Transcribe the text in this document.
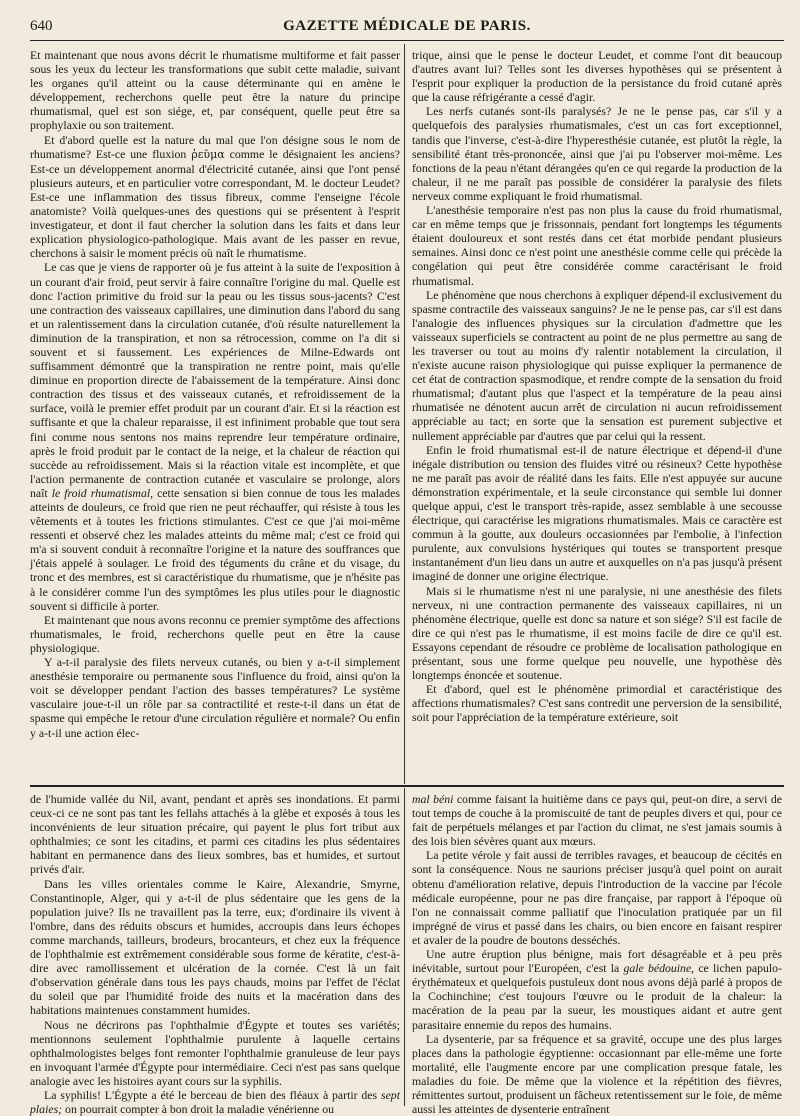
640	GAZETTE MÉDICALE DE PARIS.

Et maintenant que nous avons décrit le rhumatisme multiforme et fait passer sous les yeux du lecteur les transformations que subit cette maladie, suivant les organes qu'il atteint ou la cause déterminante qui en amène le développement, recherchons quelle peut être la nature du principe rhumatismal, quel est son siége, et, par conséquent, quelle peut être sa prophylaxie ou son traitement.

Et d'abord quelle est la nature du mal que l'on désigne sous le nom de rhumatisme? Est-ce une fluxion ῥεῦμα comme le désignaient les anciens? Est-ce un développement anormal d'électricité cutanée, ainsi que l'ont pensé plusieurs auteurs, et en particulier votre correspondant, M. le docteur Leudet? Est-ce une inflammation des tissus fibreux, comme l'enseigne l'école anatomiste? Voilà quelques-unes des questions qui se présentent à l'esprit investigateur, et dont il faut chercher la solution dans les faits et dans leur explication physiologico-pathologique. Mais avant de les passer en revue, cherchons à saisir le moment précis où naît le rhumatisme.

Le cas que je viens de rapporter où je fus atteint à la suite de l'exposition à un courant d'air froid, peut servir à faire connaître l'origine du mal. Quelle est donc l'action primitive du froid sur la peau ou les tissus sous-jacents? C'est une contraction des vaisseaux capillaires, une diminution dans l'abord du sang et un ralentissement dans la circulation cutanée, d'où résulte naturellement la diminution de la transpiration, et non sa rétrocession, comme on l'a dit si souvent et si faussement. Les expériences de Milne-Edwards ont suffisamment démontré que la transpiration ne rentre point, mais qu'elle diminue en proportion directe de l'abaissement de la température. Ainsi donc contraction des tissus et des vaisseaux cutanés, et refroidissement de la surface, voilà le premier effet produit par un courant d'air. Et si la réaction est suffisante et que la chaleur reparaisse, il est infiniment probable que tout sera fini comme nous sentons nos mains reprendre leur température ordinaire, après le froid produit par le contact de la neige, et la chaleur de réaction qui succède au refroidissement. Mais si la réaction vitale est incomplète, et que l'action permanente de contraction cutanée et vasculaire se prolonge, alors naît le froid rhumatismal, cette sensation si bien connue de tous les malades atteints de douleurs, ce froid que rien ne peut réchauffer, qui résiste à tous les vêtements et à toutes les frictions stimulantes. C'est ce que j'ai moi-même ressenti et observé chez les malades atteints du même mal; c'est ce froid qui m'a si souvent conduit à reconnaître l'origine et la nature des souffrances que j'étais appelé à soulager. Le froid des téguments du crâne et du visage, du tronc et des membres, est si caractéristique du rhumatisme, que je n'hésite pas à le considérer comme l'un des symptômes les plus utiles pour le diagnostic souvent si difficile à porter.

Et maintenant que nous avons reconnu ce premier symptôme des affections rhumatismales, le froid, recherchons quelle peut en être la cause physiologique.

Y a-t-il paralysie des filets nerveux cutanés, ou bien y a-t-il simplement anesthésie temporaire ou permanente sous l'influence du froid, ainsi qu'on la voit se développer pendant l'action des basses températures? Le système vasculaire joue-t-il un rôle par sa contractilité et reste-t-il dans un état de spasme qui empêche le retour d'une circulation régulière et normale? Ou enfin y a-t-il une action élec-

trique, ainsi que le pense le docteur Leudet, et comme l'ont dit beaucoup d'autres avant lui? Telles sont les diverses hypothèses qui se présentent à l'esprit pour expliquer la production de la persistance du froid cutané après que la cause réfrigérante a cessé d'agir.

Les nerfs cutanés sont-ils paralysés? Je ne le pense pas, car s'il y a quelquefois des paralysies rhumatismales, c'est un cas fort exceptionnel, tandis que l'inverse, c'est-à-dire l'hyperesthésie cutanée, est plutôt la règle, la sensibilité étant très-prononcée, ainsi que j'ai pu l'observer moi-même. Les fonctions de la peau n'étant dérangées qu'en ce qui regarde la production de la chaleur, il ne me paraît pas possible de considérer la paralysie des filets nerveux comme expliquant le froid rhumatismal.

L'anesthésie temporaire n'est pas non plus la cause du froid rhumatismal, car en même temps que je frissonnais, pendant fort longtemps les téguments étaient douloureux et sont restés dans cet état morbide pendant plusieurs semaines. Ainsi donc ce n'est point une anesthésie comme celle qui précède la congélation qui peut être considérée comme caractérisant le froid rhumatismal.

Le phénomène que nous cherchons à expliquer dépend-il exclusivement du spasme contractile des vaisseaux sanguins? Je ne le pense pas, car s'il est dans l'analogie des influences physiques sur la circulation d'admettre que les vaisseaux superficiels se contractent au point de ne plus permettre au sang de les traverser ou tout au moins d'y ralentir notablement la circulation, il n'existe aucune raison physiologique qui puisse expliquer la permanence de cet état de contraction spasmodique, et rendre compte de la sensation du froid rhumatismal; d'autant plus que l'aspect et la température de la peau ainsi rhumatisée ne dénotent aucun arrêt de circulation ni aucun refroidissement appréciable au tact; en sorte que la sensation est purement subjective et nullement appréciable par d'autres que par celui qui la ressent.

Enfin le froid rhumatismal est-il de nature électrique et dépend-il d'une inégale distribution ou tension des fluides vitré ou résineux? Cette hypothèse ne me paraît pas avoir de réalité dans les faits. Elle n'est appuyée sur aucune démonstration expérimentale, et la seule circonstance qui semble lui donner quelque appui, c'est le transport très-rapide, assez semblable à une secousse électrique, qui caractérise les migrations rhumatismales. Mais ce caractère est commun à la goutte, aux douleurs occasionnées par l'embolie, à l'infection purulente, aux convulsions hystériques qui toutes se transportent presque instantanément d'un lieu dans un autre et auxquelles on n'a pas jusqu'à présent imaginé de donner une origine électrique.

Mais si le rhumatisme n'est ni une paralysie, ni une anesthésie des filets nerveux, ni une contraction permanente des vaisseaux capillaires, ni un phénomène électrique, quelle est donc sa nature et son siége? S'il est facile de dire ce qui n'est pas le rhumatisme, il est moins facile de dire ce qu'il est. Essayons cependant de résoudre ce problème de localisation pathologique en présentant, sous une forme quelque peu nouvelle, une hypothèse dès longtemps énoncée et soutenue.

Et d'abord, quel est le phénomène primordial et caractéristique des affections rhumatismales? C'est sans contredit une perversion de la sensibilité, soit pour l'appréciation de la température extérieure, soit

de l'humide vallée du Nil, avant, pendant et après ses inondations. Et parmi ceux-ci ce ne sont pas tant les fellahs attachés à la glèbe et exposés à tous les inconvénients de leur situation précaire, qui payent le plus fort tribut aux ophthalmies; ce sont les citadins, et parmi ces citadins les plus sédentaires habitant en permanence dans des lieux sombres, bas et humides, et surtout privés d'air.

Dans les villes orientales comme le Kaire, Alexandrie, Smyrne, Constantinople, Alger, qui y a-t-il de plus sédentaire que les gens de la population juive? Ils ne travaillent pas la terre, eux; d'ordinaire ils vivent à l'ombre, dans des réduits obscurs et humides, accroupis dans leurs échopes comme marchands, tailleurs, brodeurs, brocanteurs, et chez eux la fréquence de l'ophthalmie est extrêmement considérable sous forme de kératite, c'est-à-dire avec ramollissement et ulcération de la cornée. C'est là un fait d'observation générale dans tous les pays chauds, moins par l'effet de l'éclat du soleil que par l'humidité froide des nuits et la macération dans des habitations maintenues constamment humides.

Nous ne décrirons pas l'ophthalmie d'Égypte et toutes ses variétés; mentionnons seulement l'ophthalmie purulente à laquelle certains ophthalmologistes belges font remonter l'ophthalmie granuleuse de leur pays en invoquant l'armée d'Égypte pour intermédiaire. Ceci n'est pas sans quelque analogie avec les histoires ayant cours sur la syphilis.

La syphilis! L'Égypte a été le berceau de bien des fléaux à partir des sept plaies; on pourrait compter à bon droit la maladie vénérienne ou

mal béni comme faisant la huitième dans ce pays qui, peut-on dire, a servi de tout temps de couche à la promiscuité de tant de peuples divers et qui, pour ce fait de perpétuels mélanges et par l'action du climat, ne s'est jamais soumis à des lois bien sévères quant aux mœurs.

La petite vérole y fait aussi de terribles ravages, et beaucoup de cécités en sont la conséquence. Nous ne saurions préciser jusqu'à quel point on aurait obtenu d'amélioration relative, depuis l'introduction de la vaccine par l'école médicale européenne, pour ne pas dire française, par rapport à l'époque où l'on ne connaissait comme palliatif que l'inoculation pratiquée par un fil imprégné de virus et passé dans les chairs, ou bien encore en faisant respirer et avaler de la poudre de boutons desséchés.

Une autre éruption plus bénigne, mais fort désagréable et à peu près inévitable, surtout pour l'Européen, c'est la gale bédouine, ce lichen papulo-érythémateux et quelquefois pustuleux dont nous avons déjà parlé à propos de la Cochinchine; c'est toujours l'œuvre ou le produit de la chaleur: la macération de la peau par la sueur, les moustiques aidant et autre gent parasitaire ennemie du repos des humains.

La dysenterie, par sa fréquence et sa gravité, occupe une des plus larges places dans la pathologie égyptienne: occasionnant par elle-même une forte mortalité, elle l'augmente encore par une complication presque fatale, les maladies du foie. De même que la violence et la répétition des fièvres, rémittentes surtout, produisent un fâcheux retentissement sur le foie, de même aussi les atteintes de dysenterie entraînent
